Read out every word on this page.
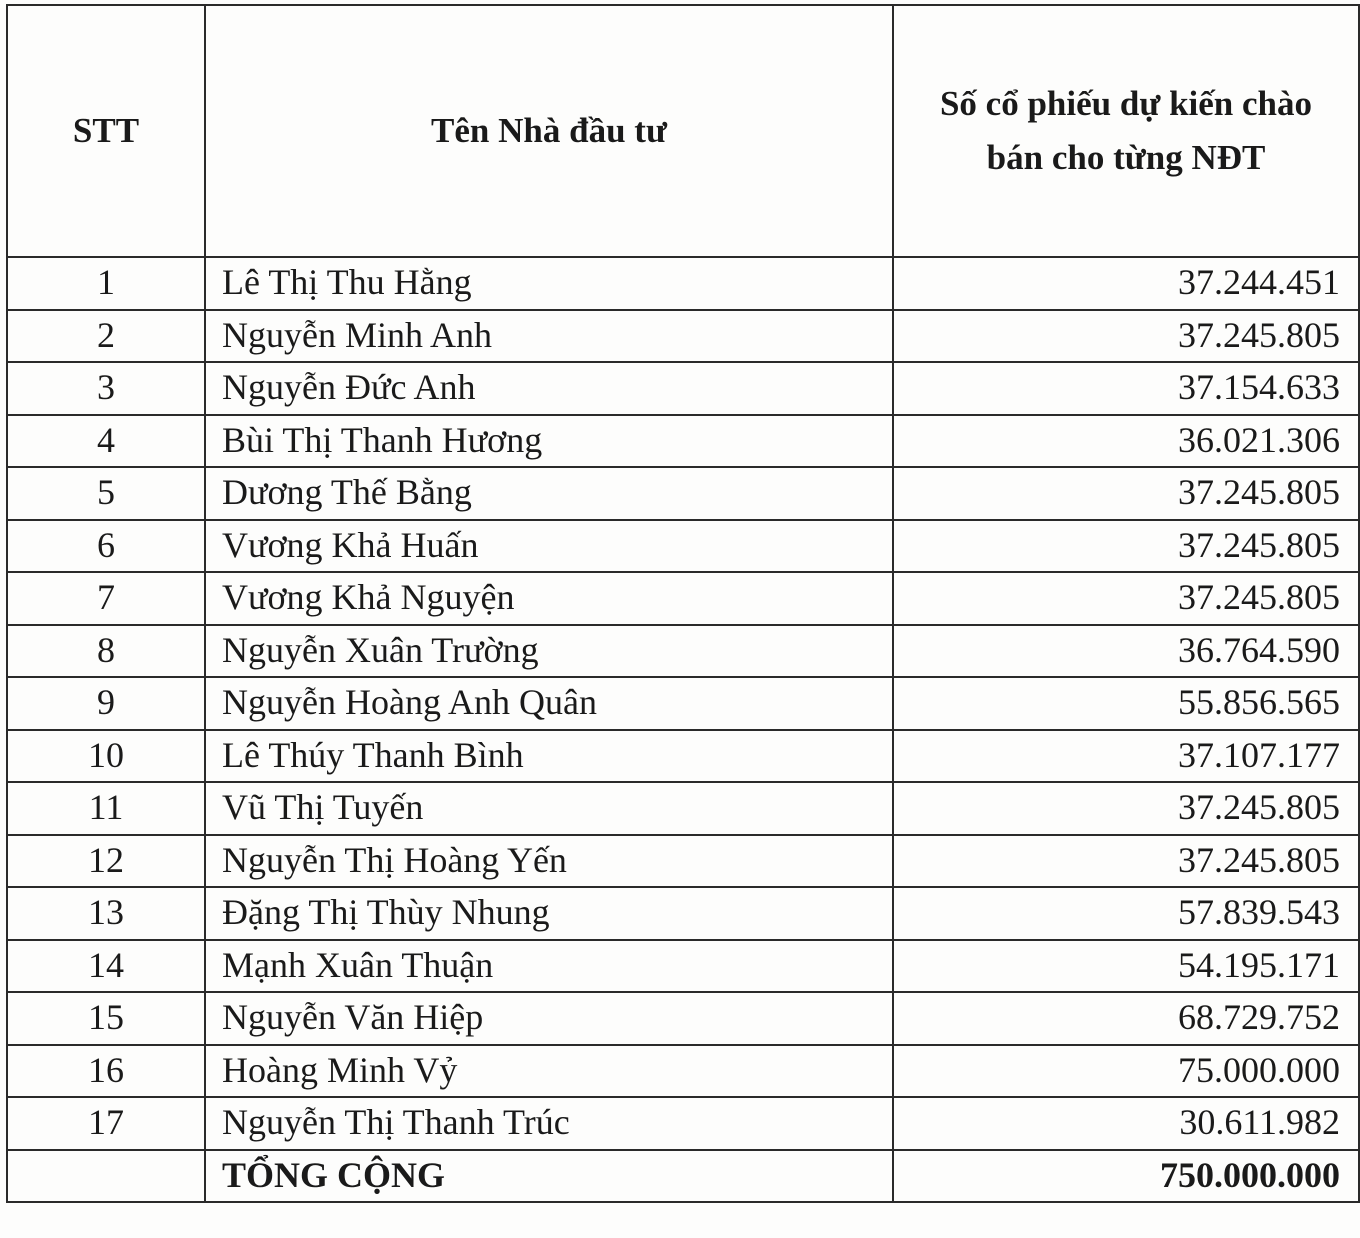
STT	Tên Nhà đầu tư	Số cổ phiếu dự kiến chào bán cho từng NĐT
1	Lê Thị Thu Hằng	37.244.451
2	Nguyễn Minh Anh	37.245.805
3	Nguyễn Đức Anh	37.154.633
4	Bùi Thị Thanh Hương	36.021.306
5	Dương Thế Bằng	37.245.805
6	Vương Khả Huấn	37.245.805
7	Vương Khả Nguyện	37.245.805
8	Nguyễn Xuân Trường	36.764.590
9	Nguyễn Hoàng Anh Quân	55.856.565
10	Lê Thúy Thanh Bình	37.107.177
11	Vũ Thị Tuyến	37.245.805
12	Nguyễn Thị Hoàng Yến	37.245.805
13	Đặng Thị Thùy Nhung	57.839.543
14	Mạnh Xuân Thuận	54.195.171
15	Nguyễn Văn Hiệp	68.729.752
16	Hoàng Minh Vỷ	75.000.000
17	Nguyễn Thị Thanh Trúc	30.611.982
	TỔNG CỘNG	750.000.000
